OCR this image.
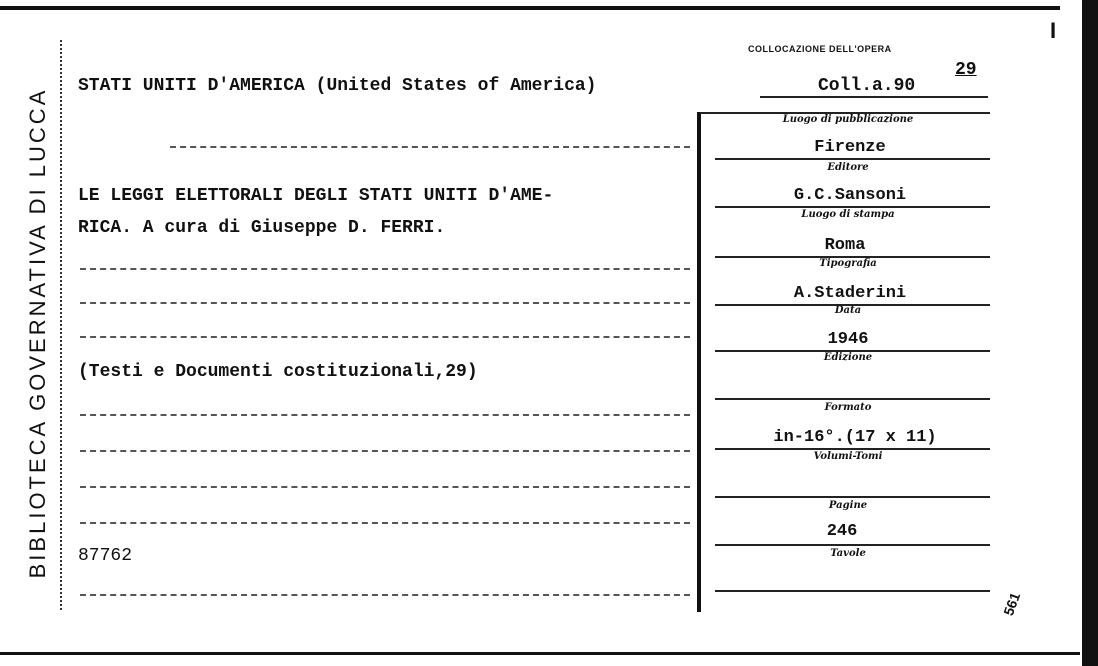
I
BIBLIOTECA GOVERNATIVA DI LUCCA
COLLOCAZIONE DELL'OPERA
STATI UNITI D'AMERICA (United States of America)	Coll.a.90
29
LE LEGGI ELETTORALI DEGLI STATI UNITI D'AME-
RICA. A cura di Giuseppe D. FERRI.
(Testi e Documenti costituzionali,29)
87762
Luogo di pubblicazione
Firenze
Editore
G.C.Sansoni
Luogo di stampa
Roma
Tipografia
A.Staderini
Data
1946
Edizione
Formato
in-16°.(17 x 11)
Volumi-Tomi
Pagine
246
Tavole
561
